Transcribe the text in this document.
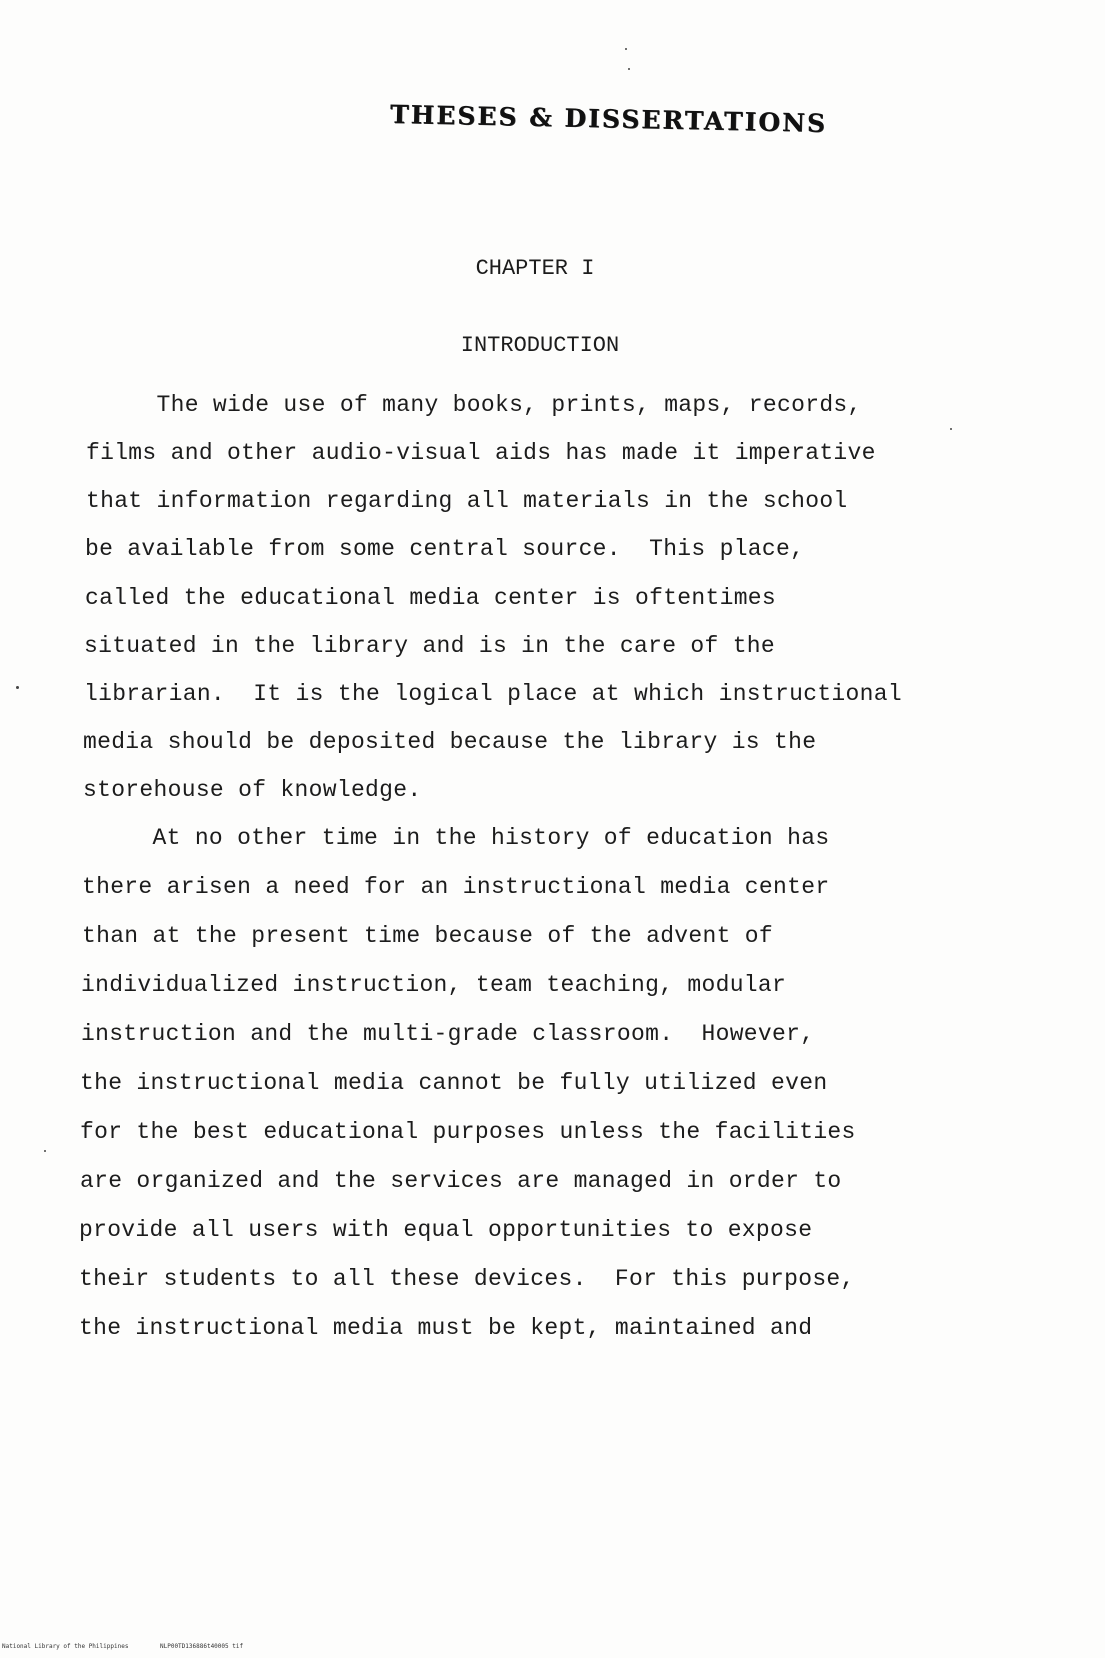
THESES & DISSERTATIONS
CHAPTER I
INTRODUCTION
The wide use of many books, prints, maps, records,
films and other audio-visual aids has made it imperative
that information regarding all materials in the school
be available from some central source.  This place,
called the educational media center is oftentimes
situated in the library and is in the care of the
librarian.  It is the logical place at which instructional
media should be deposited because the library is the
storehouse of knowledge.
At no other time in the history of education has
there arisen a need for an instructional media center
than at the present time because of the advent of
individualized instruction, team teaching, modular
instruction and the multi-grade classroom.  However,
the instructional media cannot be fully utilized even
for the best educational purposes unless the facilities
are organized and the services are managed in order to
provide all users with equal opportunities to expose
their students to all these devices.  For this purpose,
the instructional media must be kept, maintained and
National Library of the Philippines	NLP00TD136886t40005 tif
